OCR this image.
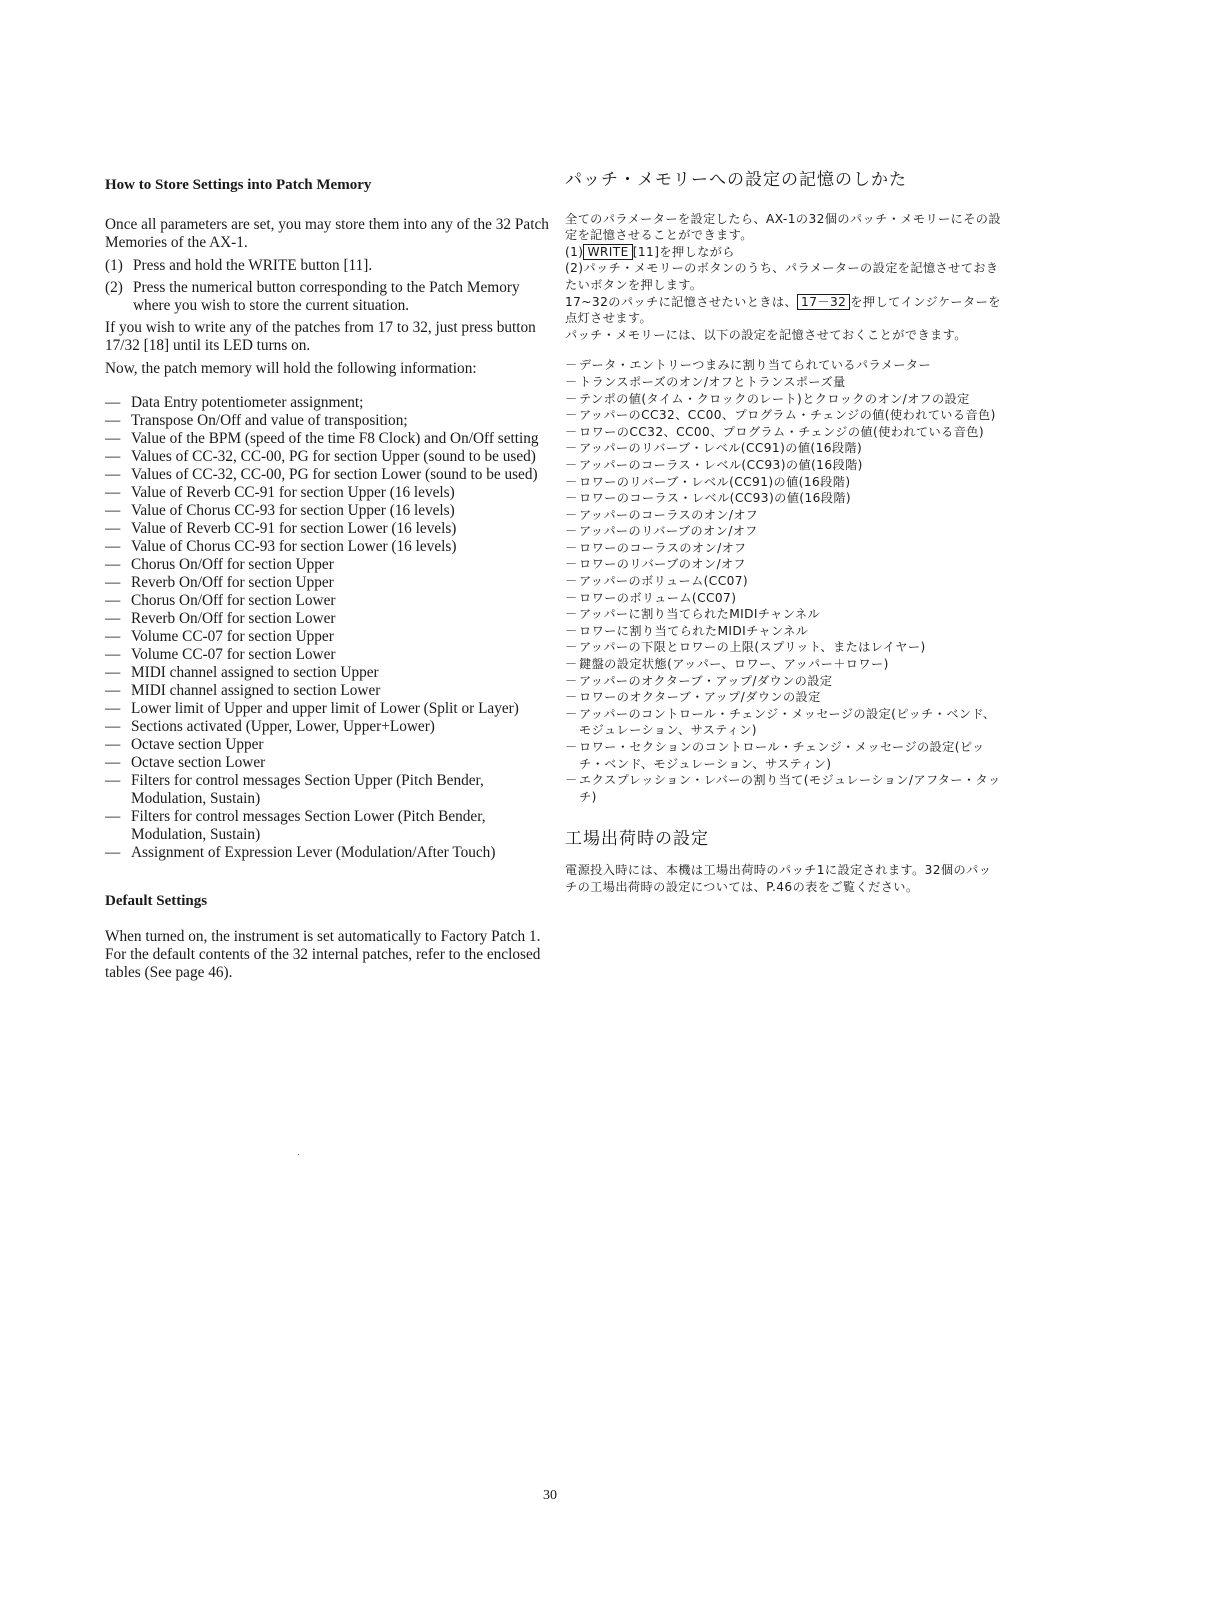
How to Store Settings into Patch Memory

Once all parameters are set, you may store them into any of the 32 Patch Memories of the AX-1.

(1) Press and hold the WRITE button [11].
(2) Press the numerical button corresponding to the Patch Memory where you wish to store the current situation.

If you wish to write any of the patches from 17 to 32, just press button 17/32 [18] until its LED turns on.

Now, the patch memory will hold the following information:

— Data Entry potentiometer assignment;
— Transpose On/Off and value of transposition;
— Value of the BPM (speed of the time F8 Clock) and On/Off setting
— Values of CC-32, CC-00, PG for section Upper (sound to be used)
— Values of CC-32, CC-00, PG for section Lower (sound to be used)
— Value of Reverb CC-91 for section Upper (16 levels)
— Value of Chorus CC-93 for section Upper (16 levels)
— Value of Reverb CC-91 for section Lower (16 levels)
— Value of Chorus CC-93 for section Lower (16 levels)
— Chorus On/Off for section Upper
— Reverb On/Off for section Upper
— Chorus On/Off for section Lower
— Reverb On/Off for section Lower
— Volume CC-07 for section Upper
— Volume CC-07 for section Lower
— MIDI channel assigned to section Upper
— MIDI channel assigned to section Lower
— Lower limit of Upper and upper limit of Lower (Split or Layer)
— Sections activated (Upper, Lower, Upper+Lower)
— Octave section Upper
— Octave section Lower
— Filters for control messages Section Upper (Pitch Bender, Modulation, Sustain)
— Filters for control messages Section Lower (Pitch Bender, Modulation, Sustain)
— Assignment of Expression Lever (Modulation/After Touch)
Default Settings

When turned on, the instrument is set automatically to Factory Patch 1. For the default contents of the 32 internal patches, refer to the enclosed tables (See page 46).

パッチ・メモリーへの設定の記憶のしかた

全てのパラメーターを設定したら、AX-1の32個のパッチ・メモリーにその設定を記憶させることができます。

(1) WRITE [11]を押しながら

(2)パッチ・メモリーのボタンのうち、パラメーターの設定を記憶させておきたいボタンを押します。

17~32のパッチに記憶させたいときは、 17－32 を押してインジケーターを点灯させます。

パッチ・メモリーには、以下の設定を記憶させておくことができます。

－ データ・エントリーつまみに割り当てられているパラメーター
－ トランスポーズのオン/オフとトランスポーズ量
－ テンポの値(タイム・クロックのレート)とクロックのオン/オフの設定
－ アッパーのCC32、CC00、プログラム・チェンジの値(使われている音色)
－ ロワーのCC32、CC00、プログラム・チェンジの値(使われている音色)
－ アッパーのリバーブ・レベル(CC91)の値(16段階)
－ アッパーのコーラス・レベル(CC93)の値(16段階)
－ ロワーのリバーブ・レベル(CC91)の値(16段階)
－ ロワーのコーラス・レベル(CC93)の値(16段階)
－ アッパーのコーラスのオン/オフ
－ アッパーのリバーブのオン/オフ
－ ロワーのコーラスのオン/オフ
－ ロワーのリバーブのオン/オフ
－ アッパーのボリューム(CC07)
－ ロワーのボリューム(CC07)
－ アッパーに割り当てられたMIDIチャンネル
－ ロワーに割り当てられたMIDIチャンネル
－ アッパーの下限とロワーの上限(スプリット、またはレイヤー)
－ 鍵盤の設定状態(アッパー、ロワー、アッパー＋ロワー)
－ アッパーのオクターブ・アップ/ダウンの設定
－ ロワーのオクターブ・アップ/ダウンの設定
－ アッパーのコントロール・チェンジ・メッセージの設定(ピッチ・ベンド、モジュレーション、サスティン)
－ ロワー・セクションのコントロール・チェンジ・メッセージの設定(ピッチ・ベンド、モジュレーション、サスティン)
－ エクスプレッション・レバーの割り当て(モジュレーション/アフター・タッチ)
工場出荷時の設定

電源投入時には、本機は工場出荷時のパッチ1に設定されます。32個のパッチの工場出荷時の設定については、P.46の表をご覧ください。

30
